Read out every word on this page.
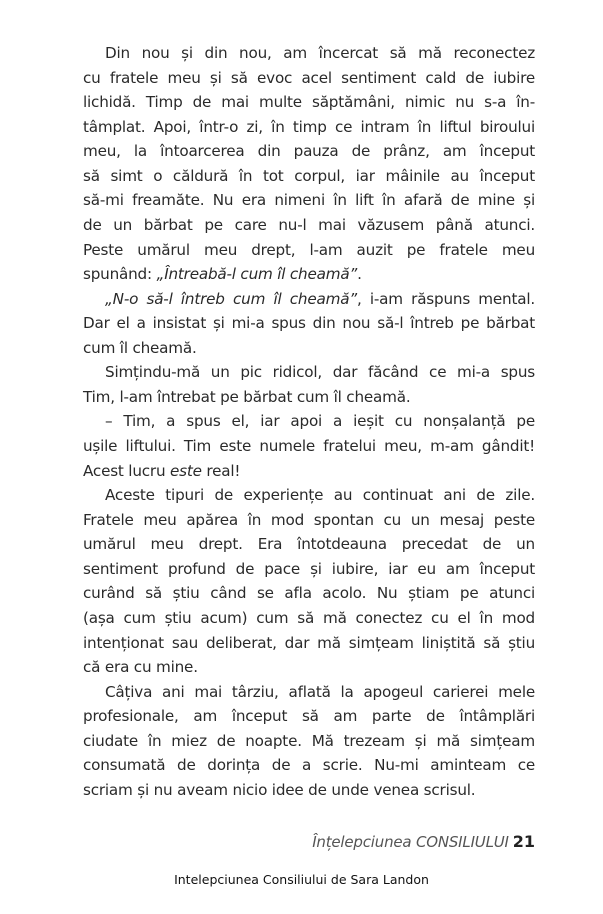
Din nou și din nou, am încercat să mă reconectez
cu fratele meu și să evoc acel sentiment cald de iubire
lichidă. Timp de mai multe săptămâni, nimic nu s-a în-
tâmplat. Apoi, într-o zi, în timp ce intram în liftul biroului
meu, la întoarcerea din pauza de prânz, am început
să simt o căldură în tot corpul, iar mâinile au început
să-mi freamăte. Nu era nimeni în lift în afară de mine și
de un bărbat pe care nu-l mai văzusem până atunci.
Peste umărul meu drept, l-am auzit pe fratele meu
spunând: „Întreabă-l cum îl cheamă”.
„N-o să-l întreb cum îl cheamă”, i-am răspuns mental.
Dar el a insistat și mi-a spus din nou să-l întreb pe bărbat
cum îl cheamă.
Simțindu-mă un pic ridicol, dar făcând ce mi-a spus
Tim, l-am întrebat pe bărbat cum îl cheamă.
– Tim, a spus el, iar apoi a ieșit cu nonșalanță pe
ușile liftului. Tim este numele fratelui meu, m-am gândit!
Acest lucru este real!
Aceste tipuri de experiențe au continuat ani de zile.
Fratele meu apărea în mod spontan cu un mesaj peste
umărul meu drept. Era întotdeauna precedat de un
sentiment profund de pace și iubire, iar eu am început
curând să știu când se afla acolo. Nu știam pe atunci
(așa cum știu acum) cum să mă conectez cu el în mod
intenționat sau deliberat, dar mă simțeam liniștită să știu
că era cu mine.
Câțiva ani mai târziu, aflată la apogeul carierei mele
profesionale, am început să am parte de întâmplări
ciudate în miez de noapte. Mă trezeam și mă simțeam
consumată de dorința de a scrie. Nu-mi aminteam ce
scriam și nu aveam nicio idee de unde venea scrisul.
Înțelepciunea CONSILIULUI 21
Intelepciunea Consiliului de Sara Landon
